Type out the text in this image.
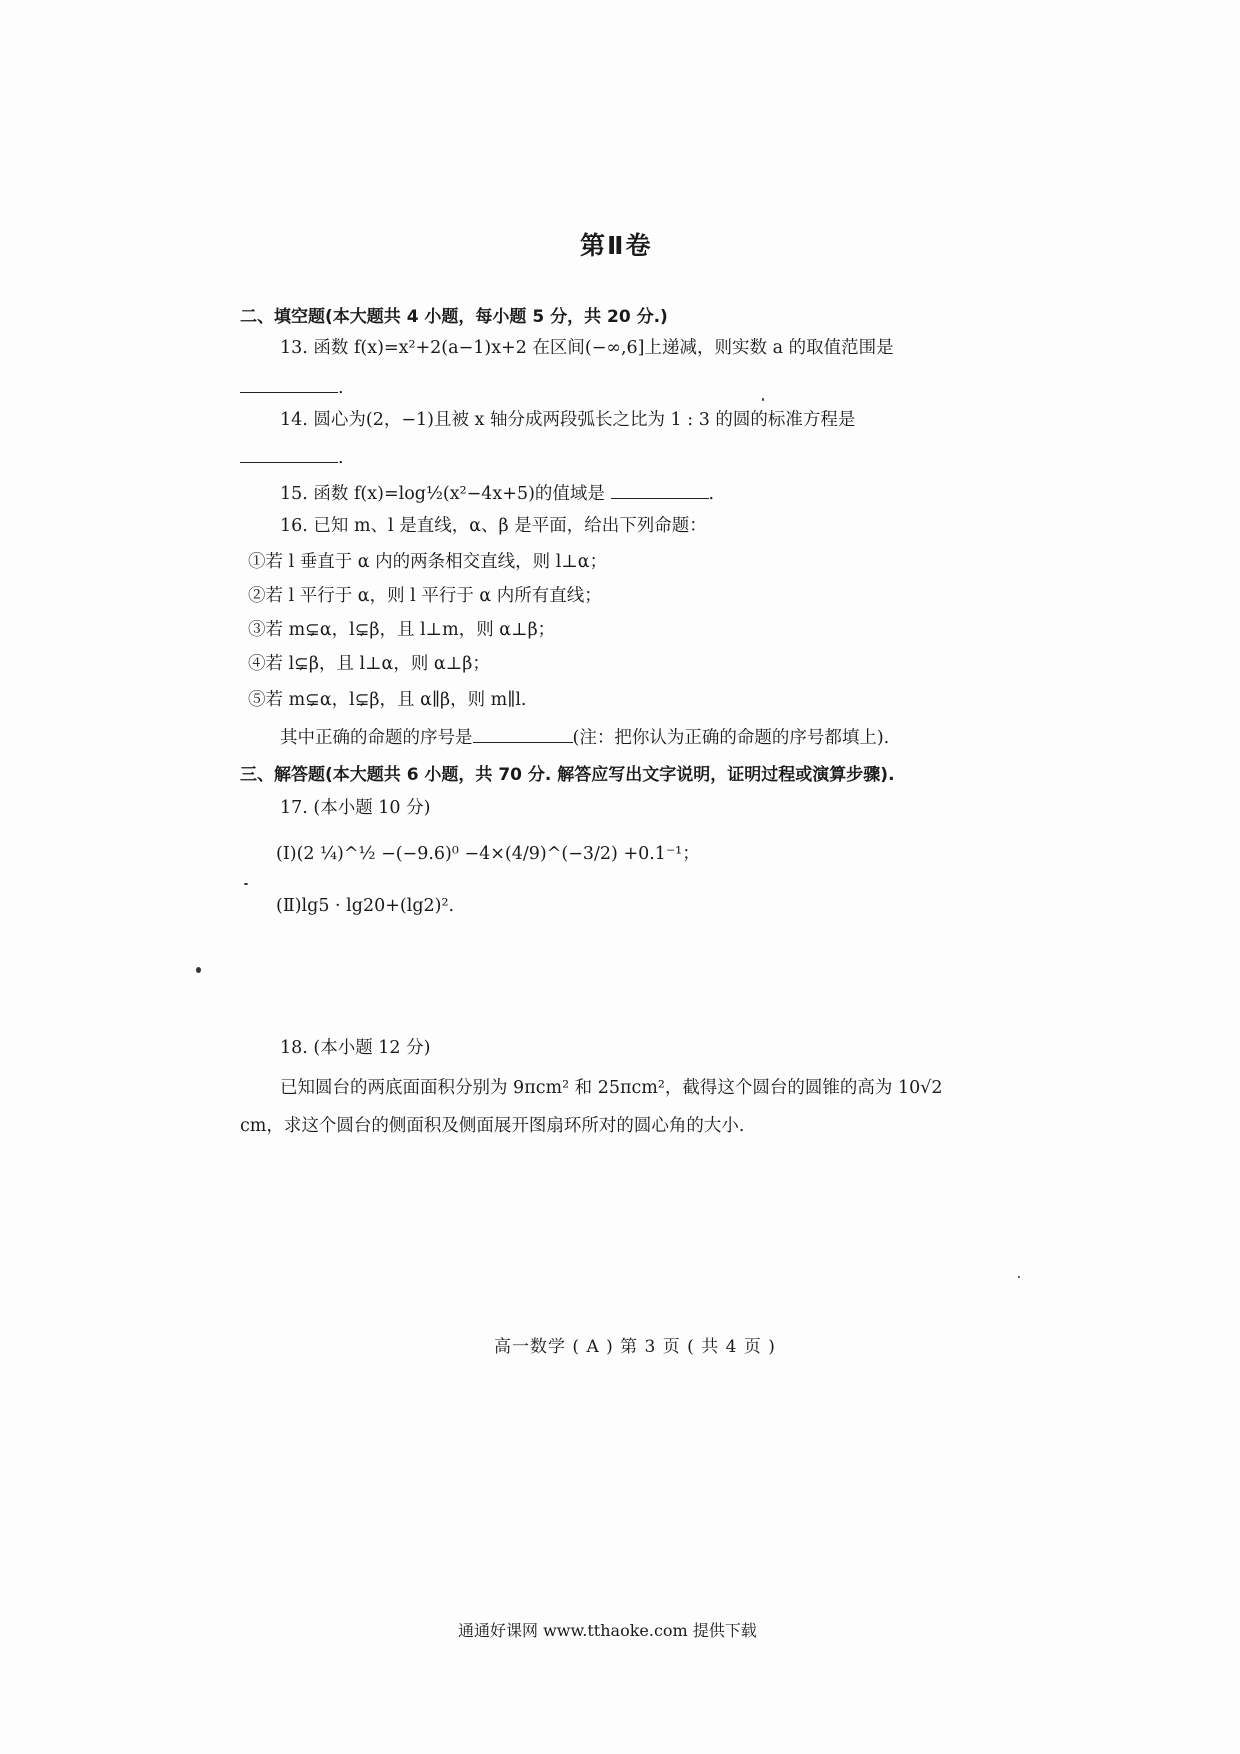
第Ⅱ卷
二、填空题(本大题共 4 小题，每小题 5 分，共 20 分.)
13. 函数 f(x)=x²+2(a−1)x+2 在区间(−∞,6]上递减，则实数 a 的取值范围是
.
14. 圆心为(2，−1)且被 x 轴分成两段弧长之比为 1 : 3 的圆的标准方程是
.
15. 函数 f(x)=log½(x²−4x+5)的值域是	.
16. 已知 m、l 是直线，α、β 是平面，给出下列命题：
①若 l 垂直于 α 内的两条相交直线，则 l⊥α；
②若 l 平行于 α，则 l 平行于 α 内所有直线；
③若 m⊊α，l⊊β，且 l⊥m，则 α⊥β；
④若 l⊊β，且 l⊥α，则 α⊥β；
⑤若 m⊊α，l⊊β，且 α∥β，则 m∥l.
其中正确的命题的序号是	(注：把你认为正确的命题的序号都填上).
三、解答题(本大题共 6 小题，共 70 分. 解答应写出文字说明，证明过程或演算步骤).
17. (本小题 10 分)
(Ⅰ)(2 ¼)^½ −(−9.6)⁰ −4×(4/9)^(−3/2) +0.1⁻¹；
(Ⅱ)lg5 · lg20+(lg2)².
18. (本小题 12 分)
已知圆台的两底面面积分别为 9πcm² 和 25πcm²，截得这个圆台的圆锥的高为 10√2
cm，求这个圆台的侧面积及侧面展开图扇环所对的圆心角的大小.
高一数学 ( A ) 第 3 页 ( 共 4 页 )
通通好课网 www.tthaoke.com 提供下载
